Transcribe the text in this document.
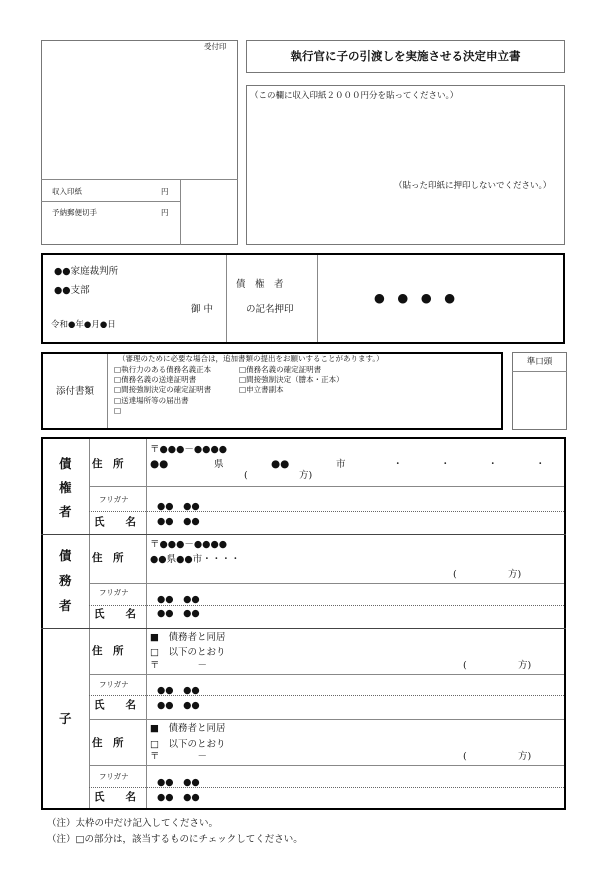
受付印
収入印紙	円
予納郵便切手	円
執行官に子の引渡しを実施させる決定申立書
（この欄に収入印紙２０００円分を貼ってください。）
（貼った印紙に押印しないでください。）
●●家庭裁判所
●●支部
御 中
令和●年●月●日
債　権　者
の記名押印
●　●　●　●
添付書類
（審理のために必要な場合は，追加書類の提出をお願いすることがあります。）
□執行力のある債務名義正本	□債務名義の確定証明書
□債務名義の送達証明書	□間接強制決定（謄本・正本）
□間接強制決定の確定証明書	□申立書副本
□送達場所等の届出書
□
準口頭
債
権
者
住　所
〒●●●－●●●●
●●	県	●●	市	・　　　　・　　　　・　　　　・
(	方)
フリガナ
氏　　名
●●　●●
●●　●●
債
務
者
住　所
〒●●●－●●●●
●●県●●市・・・・
(	方)
フリガナ
氏　　名
●●　●●
●●　●●
子
住　所
■　債務者と同居
□　以下のとおり
〒　　　　－	(	方)
フリガナ
氏　　名
●●　●●
●●　●●
住　所
■　債務者と同居
□　以下のとおり
〒　　　　－	(	方)
フリガナ
氏　　名
●●　●●
●●　●●
（注）太枠の中だけ記入してください。
（注）□の部分は，該当するものにチェックしてください。
